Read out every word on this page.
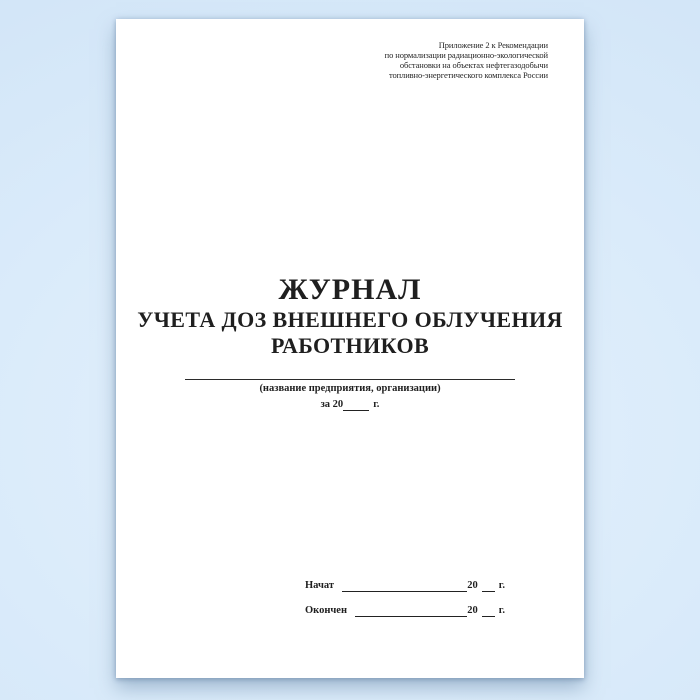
Приложение 2 к Рекомендации
по нормализации радиационно-экологической
обстановки на объектах нефтегазодобычи
топливно-энергетического комплекса России
ЖУРНАЛ
УЧЕТА ДОЗ ВНЕШНЕГО ОБЛУЧЕНИЯ
РАБОТНИКОВ
(название предприятия, организации)
за 20	г.
Начат	20 г.
Окончен	20 г.
